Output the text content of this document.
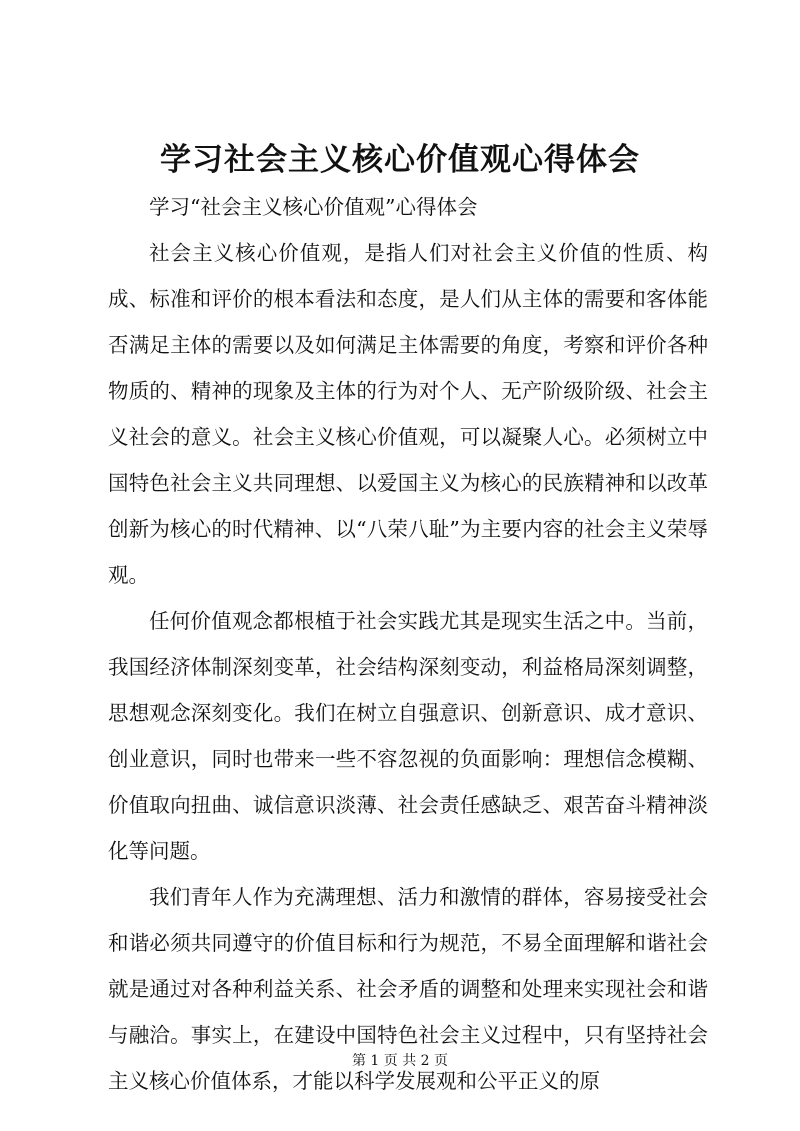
学习社会主义核心价值观心得体会

学习“社会主义核心价值观”心得体会

社会主义核心价值观，是指人们对社会主义价值的性质、构成、标准和评价的根本看法和态度，是人们从主体的需要和客体能否满足主体的需要以及如何满足主体需要的角度，考察和评价各种物质的、精神的现象及主体的行为对个人、无产阶级阶级、社会主义社会的意义。社会主义核心价值观，可以凝聚人心。必须树立中国特色社会主义共同理想、以爱国主义为核心的民族精神和以改革创新为核心的时代精神、以“八荣八耻”为主要内容的社会主义荣辱观。

任何价值观念都根植于社会实践尤其是现实生活之中。当前，我国经济体制深刻变革，社会结构深刻变动，利益格局深刻调整，思想观念深刻变化。我们在树立自强意识、创新意识、成才意识、创业意识，同时也带来一些不容忽视的负面影响：理想信念模糊、价值取向扭曲、诚信意识淡薄、社会责任感缺乏、艰苦奋斗精神淡化等问题。

我们青年人作为充满理想、活力和激情的群体，容易接受社会和谐必须共同遵守的价值目标和行为规范，不易全面理解和谐社会就是通过对各种利益关系、社会矛盾的调整和处理来实现社会和谐与融洽。事实上，在建设中国特色社会主义过程中，只有坚持社会主义核心价值体系，才能以科学发展观和公平正义的原

第 1 页 共 2 页
